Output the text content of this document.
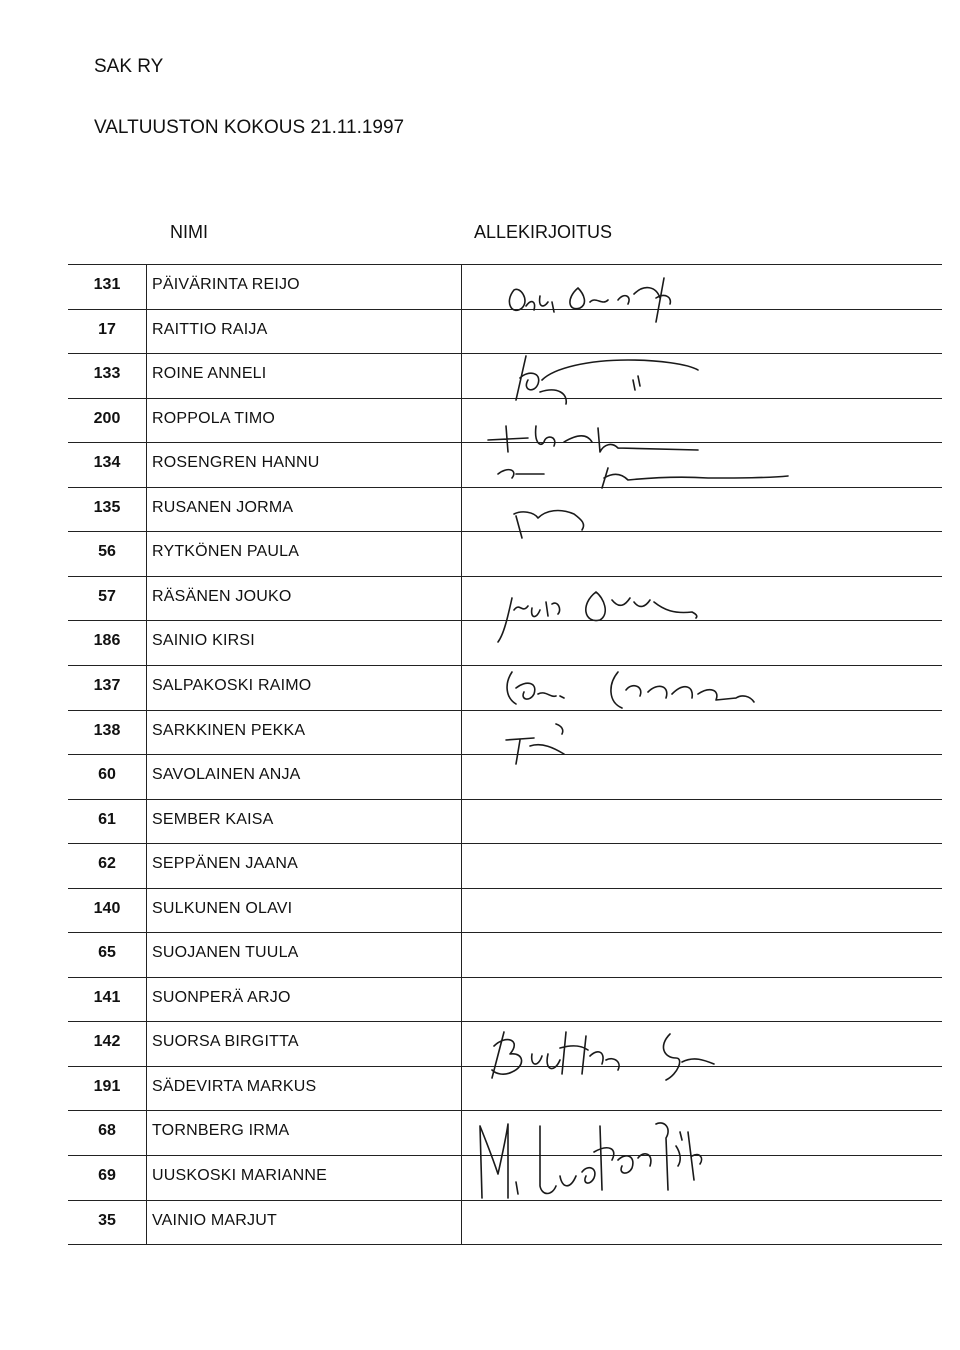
SAK RY
VALTUUSTON KOKOUS 21.11.1997
NIMI	ALLEKIRJOITUS
131	PÄIVÄRINTA REIJO
17	RAITTIO RAIJA
133	ROINE ANNELI
200	ROPPOLA TIMO
134	ROSENGREN HANNU
135	RUSANEN JORMA
56	RYTKÖNEN PAULA
57	RÄSÄNEN JOUKO
186	SAINIO KIRSI
137	SALPAKOSKI RAIMO
138	SARKKINEN PEKKA
60	SAVOLAINEN ANJA
61	SEMBER KAISA
62	SEPPÄNEN JAANA
140	SULKUNEN OLAVI
65	SUOJANEN TUULA
141	SUONPERÄ ARJO
142	SUORSA BIRGITTA
191	SÄDEVIRTA MARKUS
68	TORNBERG IRMA
69	UUSKOSKI MARIANNE
35	VAINIO MARJUT
